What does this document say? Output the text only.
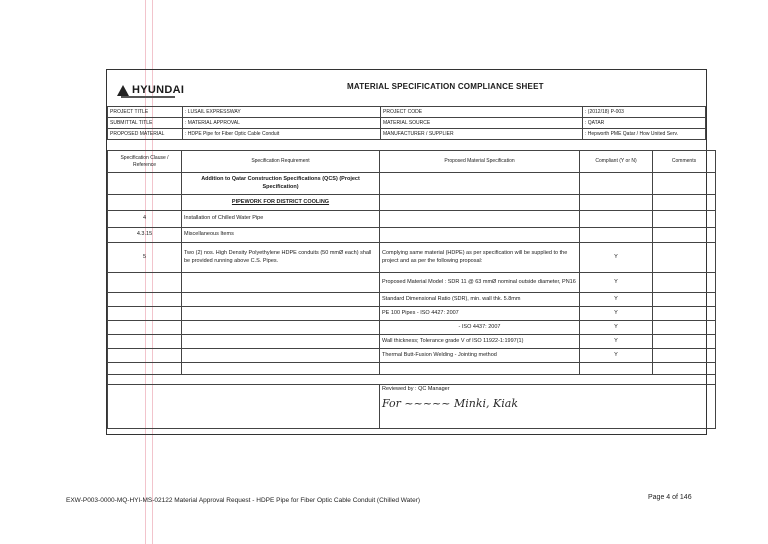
HYUNDAI	MATERIAL SPECIFICATION COMPLIANCE SHEET
PROJECT TITLE	: LUSAIL EXPRESSWAY	PROJECT CODE	: (2012/18) P-003
SUBMITTAL TITLE	: MATERIAL APPROVAL	MATERIAL SOURCE	: QATAR
PROPOSED MATERIAL	: HDPE Pipe for Fiber Optic Cable Conduit	MANUFACTURER / SUPPLIER	: Hepworth PME Qatar / How United Serv.
Specification Clause / Reference	Specification Requirement	Proposed Material Specification	Compliant (Y or N)	Comments
	Addition to Qatar Construction Specifications (QCS) (Project Specification)			
	PIPEWORK FOR DISTRICT COOLING			
4	Installation of Chilled Water Pipe			
4.3.15	Miscellaneous Items			
5	Two (2) nos. High Density Polyethylene HDPE conduits (50 mmØ each) shall be provided running above C.S. Pipes.	Complying same material (HDPE) as per specification will be supplied to the project and as per the following proposal:	Y	
		Proposed Material Model : SDR 11 @ 63 mmØ nominal outside diameter, PN16	Y	
		Standard Dimensional Ratio (SDR), min. wall thk. 5.8mm	Y	
		PE 100 Pipes - ISO 4427: 2007	Y	
		- ISO 4437: 2007	Y	
		Wall thickness; Tolerance grade V of ISO 11922-1:1997(1)	Y	
		Thermal Butt-Fusion Welding - Jointing method	Y	

		Reviewed by : QC Manager
For ~~~~~ Minki, Kiak		
EXW-P003-0000-MQ-HYI-MS-02122 Material Approval Request - HDPE Pipe for Fiber Optic Cable Conduit (Chilled Water)	Page 4 of 146
